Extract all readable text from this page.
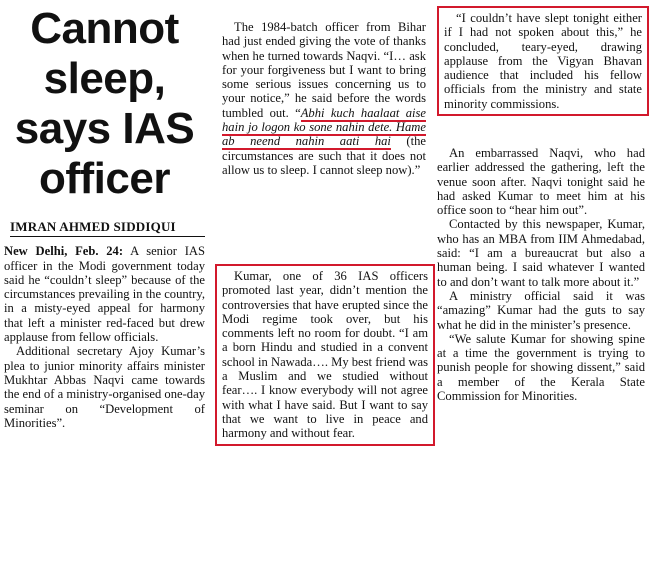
Cannot sleep, says IAS officer
IMRAN AHMED SIDDIQUI

New Delhi, Feb. 24: A senior IAS officer in the Modi government today said he “couldn’t sleep” because of the circumstances prevailing in the country, in a misty-eyed appeal for harmony that left a minister red-faced but drew applause from fellow officials.

Additional secretary Ajoy Kumar’s plea to junior minority affairs minister Mukhtar Abbas Naqvi came towards the end of a ministry-organised one-day seminar on “Development of Minorities”.

The 1984-batch officer from Bihar had just ended giving the vote of thanks when he turned towards Naqvi. “I… ask for your forgiveness but I want to bring some serious issues concerning us to your notice,” he said before the words tumbled out. “Abhi kuch haalaat aise hain jo logon ko sone nahin dete. Hame ab neend nahin aati hai (the circumstances are such that it does not allow us to sleep. I cannot sleep now).”

Kumar, one of 36 IAS officers promoted last year, didn’t mention the controversies that have erupted since the Modi regime took over, but his comments left no room for doubt. “I am a born Hindu and studied in a convent school in Nawada…. My best friend was a Muslim and we studied without fear…. I know everybody will not agree with what I have said. But I want to say that we want to live in peace and harmony and without fear.

“I couldn’t have slept tonight either if I had not spoken about this,” he concluded, teary-eyed, drawing applause from the Vigyan Bhavan audience that included his fellow officials from the ministry and state minority commissions.

An embarrassed Naqvi, who had earlier addressed the gathering, left the venue soon after. Naqvi tonight said he had asked Kumar to meet him at his office soon to “hear him out”.

Contacted by this newspaper, Kumar, who has an MBA from IIM Ahmedabad, said: “I am a bureaucrat but also a human being. I said whatever I wanted to and don’t want to talk more about it.”

A ministry official said it was “amazing” Kumar had the guts to say what he did in the minister’s presence.

“We salute Kumar for showing spine at a time the government is trying to punish people for showing dissent,” said a member of the Kerala State Commission for Minorities.
